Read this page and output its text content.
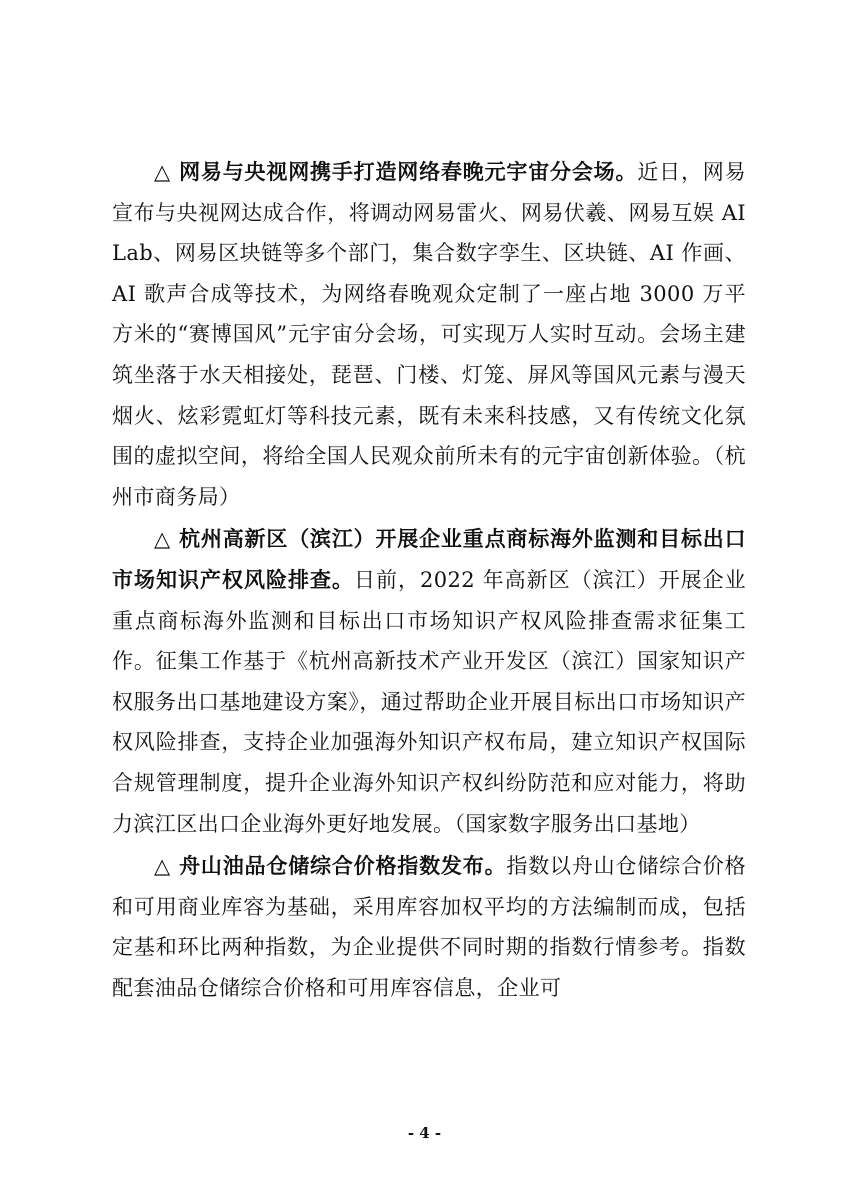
△ 网易与央视网携手打造网络春晚元宇宙分会场。近日，网易宣布与央视网达成合作，将调动网易雷火、网易伏羲、网易互娱 AI Lab、网易区块链等多个部门，集合数字孪生、区块链、AI 作画、AI 歌声合成等技术，为网络春晚观众定制了一座占地 3000 万平方米的“赛博国风”元宇宙分会场，可实现万人实时互动。会场主建筑坐落于水天相接处，琵琶、门楼、灯笼、屏风等国风元素与漫天烟火、炫彩霓虹灯等科技元素，既有未来科技感，又有传统文化氛围的虚拟空间，将给全国人民观众前所未有的元宇宙创新体验。（杭州市商务局）

△ 杭州高新区（滨江）开展企业重点商标海外监测和目标出口市场知识产权风险排查。日前，2022 年高新区（滨江）开展企业重点商标海外监测和目标出口市场知识产权风险排查需求征集工作。征集工作基于《杭州高新技术产业开发区（滨江）国家知识产权服务出口基地建设方案》，通过帮助企业开展目标出口市场知识产权风险排查，支持企业加强海外知识产权布局，建立知识产权国际合规管理制度，提升企业海外知识产权纠纷防范和应对能力，将助力滨江区出口企业海外更好地发展。（国家数字服务出口基地）

△ 舟山油品仓储综合价格指数发布。指数以舟山仓储综合价格和可用商业库容为基础，采用库容加权平均的方法编制而成，包括定基和环比两种指数，为企业提供不同时期的指数行情参考。指数配套油品仓储综合价格和可用库容信息，企业可

- 4 -
